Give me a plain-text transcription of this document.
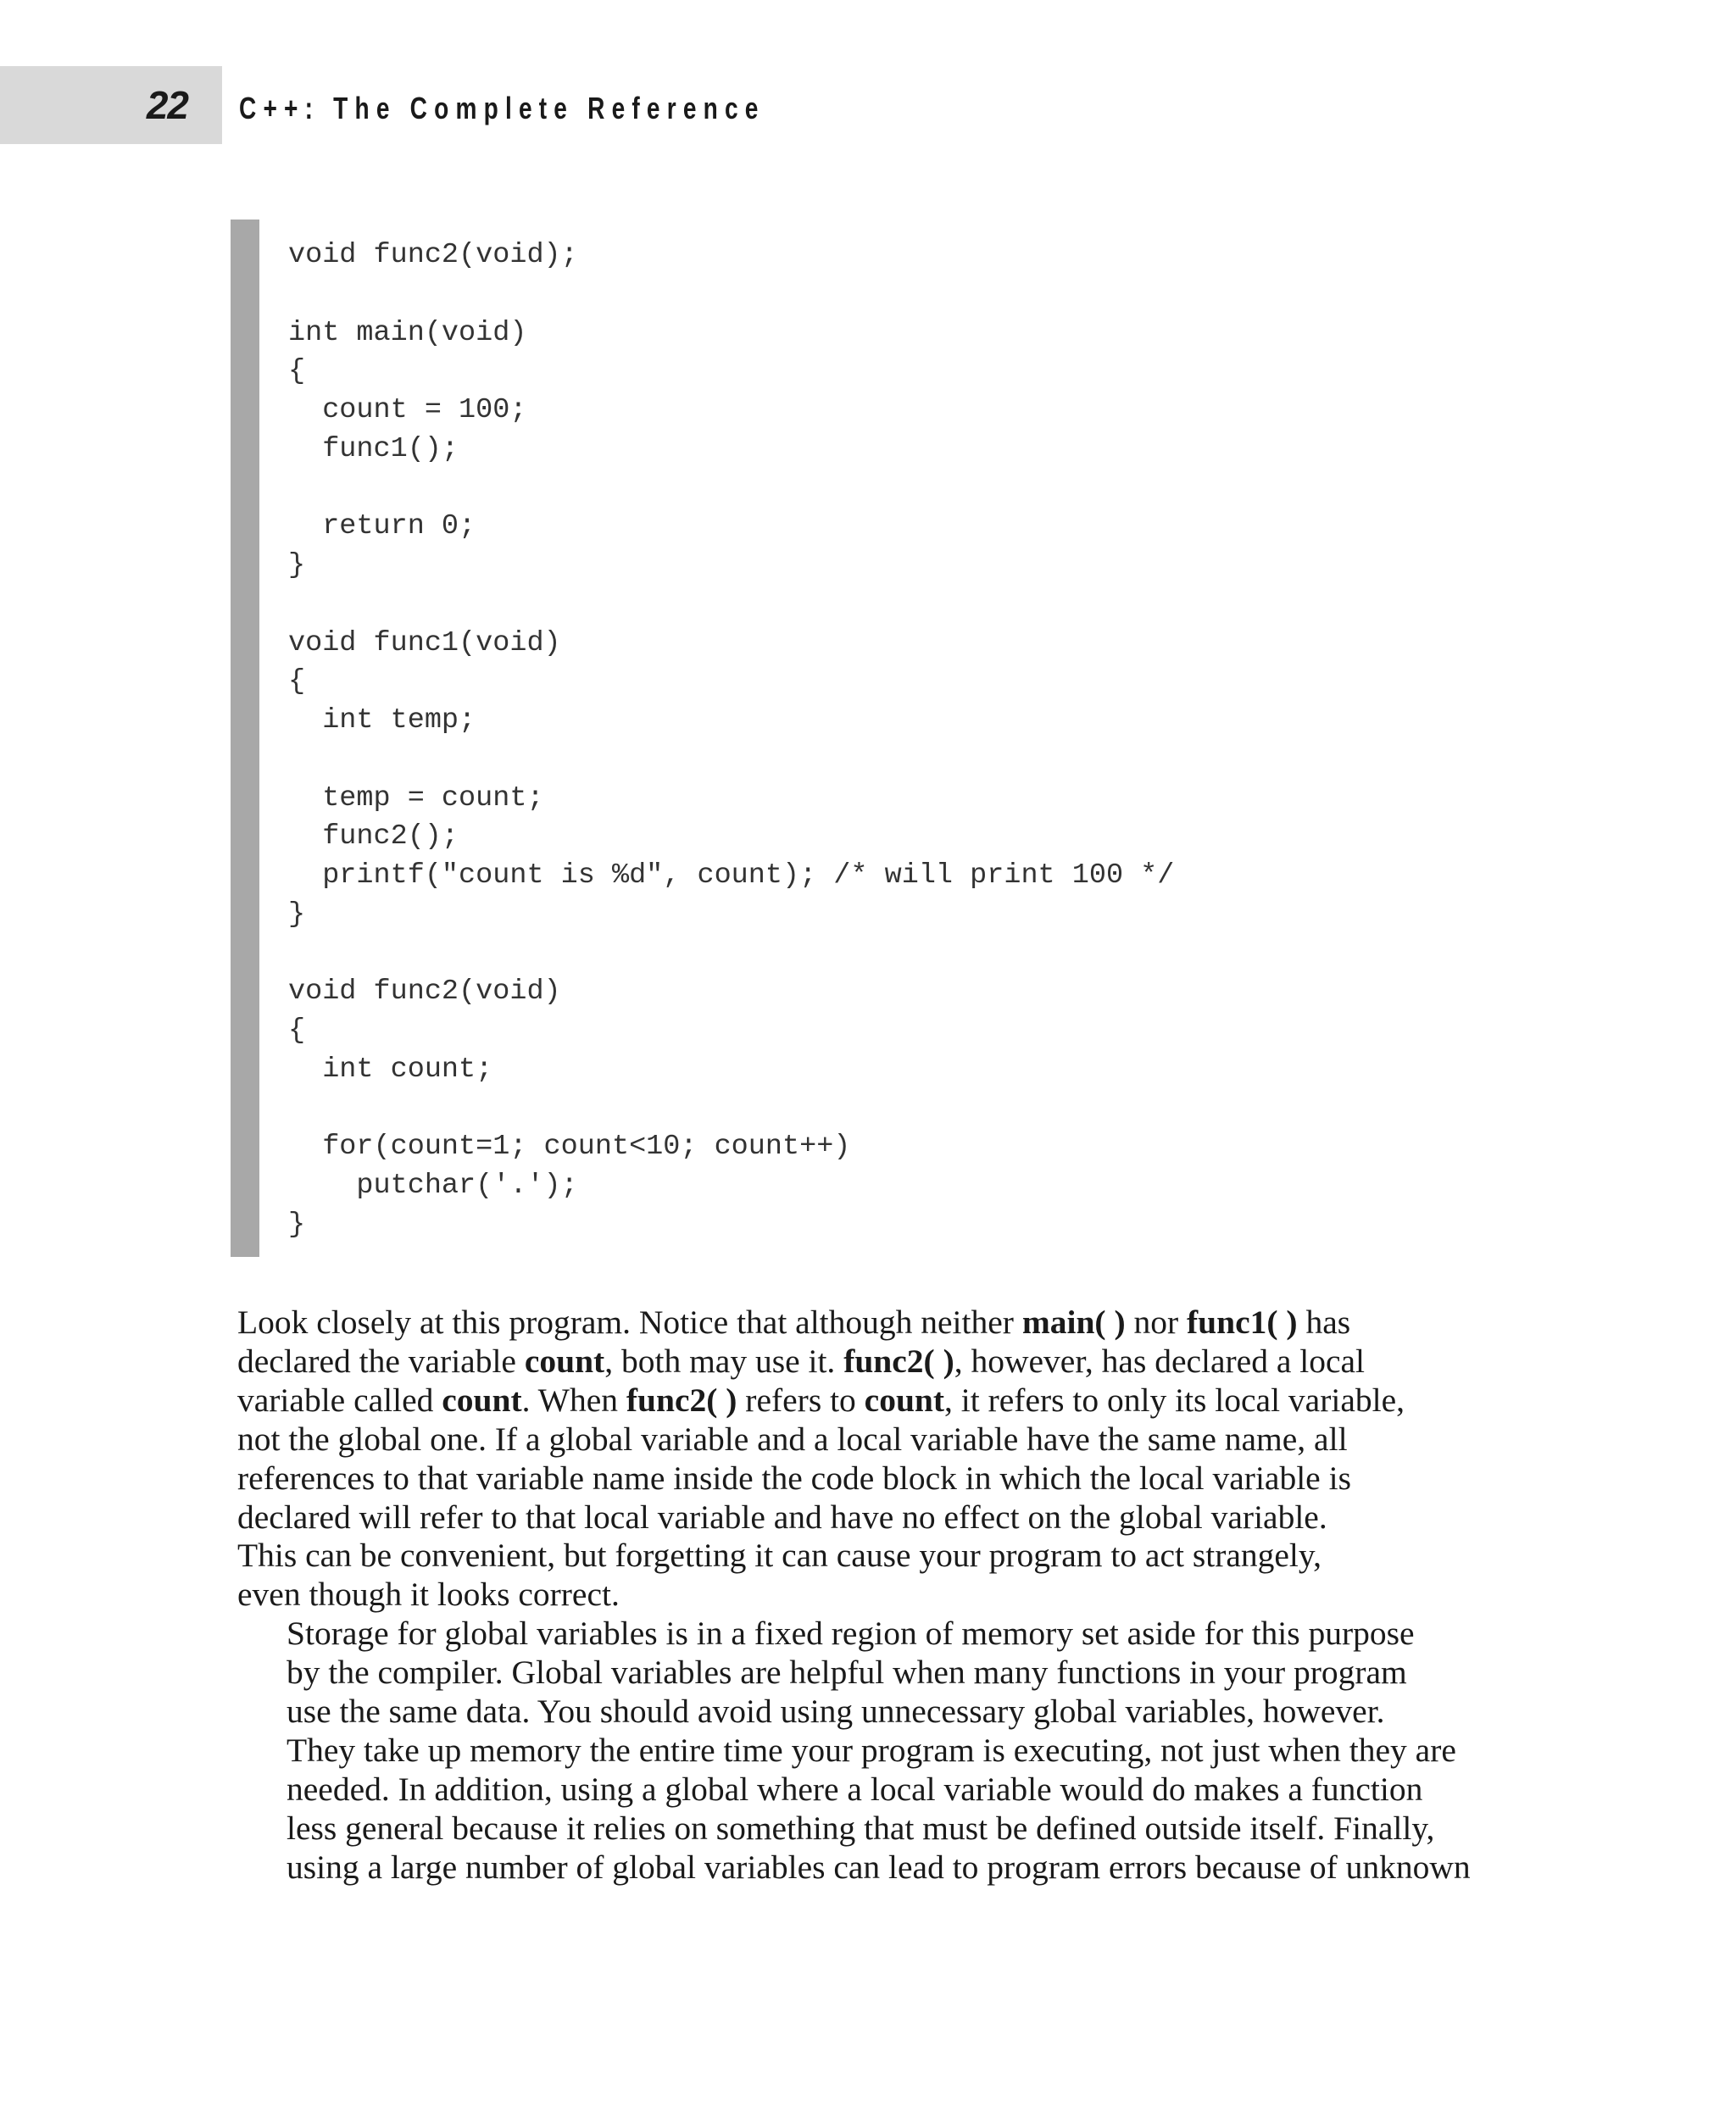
22 C++: The Complete Reference
void func2(void);

int main(void)
{
count = 100;
func1();

return 0;
}

void func1(void)
{
int temp;

temp = count;
func2();
printf("count is %d", count); /* will print 100 */
}

void func2(void)
{
int count;

for(count=1; count<10; count++)
putchar('.');
}

Look closely at this program. Notice that although neither main( ) nor func1( ) has
declared the variable count, both may use it. func2( ), however, has declared a local
variable called count. When func2( ) refers to count, it refers to only its local variable,
not the global one. If a global variable and a local variable have the same name, all
references to that variable name inside the code block in which the local variable is
declared will refer to that local variable and have no effect on the global variable.
This can be convenient, but forgetting it can cause your program to act strangely,
even though it looks correct.

Storage for global variables is in a fixed region of memory set aside for this purpose
by the compiler. Global variables are helpful when many functions in your program
use the same data. You should avoid using unnecessary global variables, however.
They take up memory the entire time your program is executing, not just when they are
needed. In addition, using a global where a local variable would do makes a function
less general because it relies on something that must be defined outside itself. Finally,
using a large number of global variables can lead to program errors because of unknown
